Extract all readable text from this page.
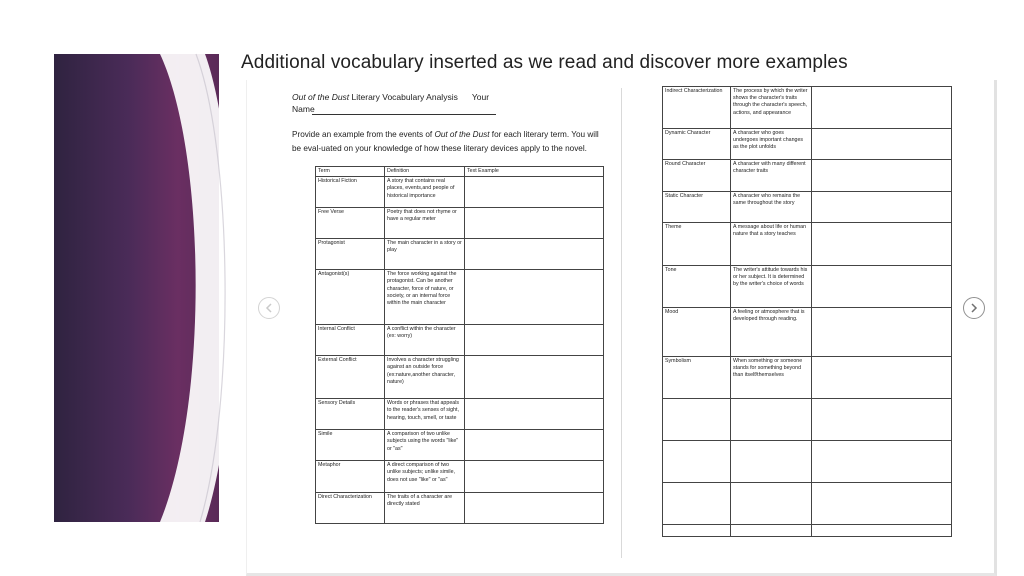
Additional vocabulary inserted as we read and discover more examples
Out of the Dust Literary Vocabulary Analysis      Your
Name
Provide an example from the events of Out of the Dust for each literary term. You will be eval-uated on your knowledge of how these literary devices apply to the novel.
Term	Definition	Text Example
Historical Fiction	A story that contains real places, events,and people of historical importance	
Free Verse	Poetry that does not rhyme or have a regular meter	
Protagonist	The main character in a story or play	
Antagonist(s)	The force working against the protagonist. Can be another character, force of nature, or society, or an internal force within the main character	
Internal Conflict	A conflict within the character (ex: worry)	
External Conflict	Involves a character struggling against an outside force (ex:nature,another character, nature)	
Sensory Details	Words or phrases that appeals to the reader's senses of sight, hearing, touch, smell, or taste	
Simile	A comparison of two unlike subjects using the words "like" or "as"	
Metaphor	A direct comparison of two unlike subjects; unlike simile, does not use "like" or "as"	
Direct Characterization	The traits of a character are directly stated	
Indirect Characterization	The process by which the writer shows the character's traits through the character's speech, actions, and appearance	
Dynamic Character	A character who goes undergoes important changes as the plot unfolds	
Round Character	A character with many different character traits	
Static Character	A character who remains the same throughout the story	
Theme	A message about life or human nature that a story teaches	
Tone	The writer's attitude towards his or her subject. It is determined by the writer's choice of words	
Mood	A feeling or atmosphere that is developed through reading.	
Symbolism	When something or someone stands for something beyond than itself/themselves	
